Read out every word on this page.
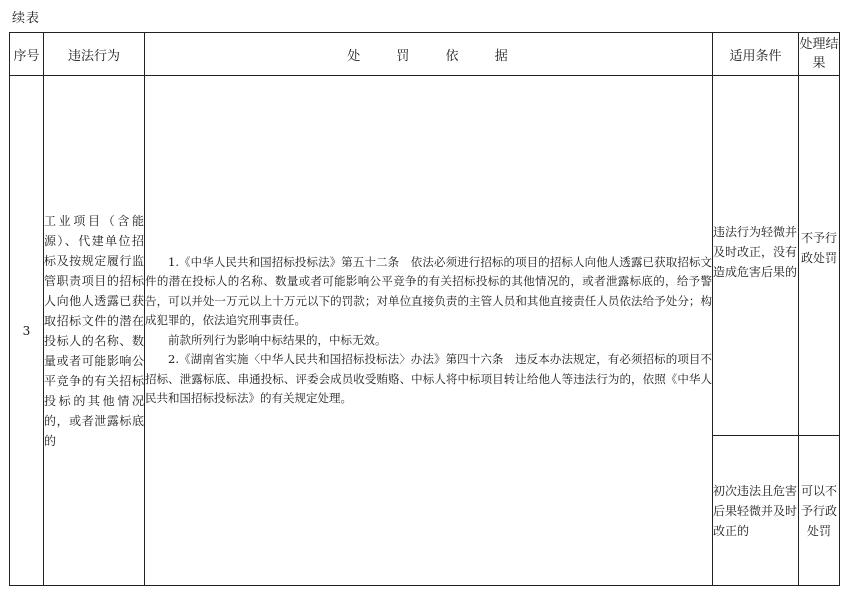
续表
序号	违法行为	处 罚 依 据	适用条件	处理结果
3	工业项目（含能源）、代建单位招标及按规定履行监管职责项目的招标人向他人透露已获取招标文件的潜在投标人的名称、数量或者可能影响公平竞争的有关招标投标的其他情况的，或者泄露标底的	1.《中华人民共和国招标投标法》第五十二条　依法必须进行招标的项目的招标人向他人透露已获取招标文件的潜在投标人的名称、数量或者可能影响公平竞争的有关招标投标的其他情况的，或者泄露标底的，给予警告，可以并处一万元以上十万元以下的罚款；对单位直接负责的主管人员和其他直接责任人员依法给予处分；构成犯罪的，依法追究刑事责任。

前款所列行为影响中标结果的，中标无效。

2.《湖南省实施〈中华人民共和国招标投标法〉办法》第四十六条　违反本办法规定，有必须招标的项目不招标、泄露标底、串通投标、评委会成员收受贿赂、中标人将中标项目转让给他人等违法行为的，依照《中华人民共和国招标投标法》的有关规定处理。	违法行为轻微并及时改正，没有造成危害后果的	不予行政处罚

			初次违法且危害后果轻微并及时改正的	可以不予行政处罚
